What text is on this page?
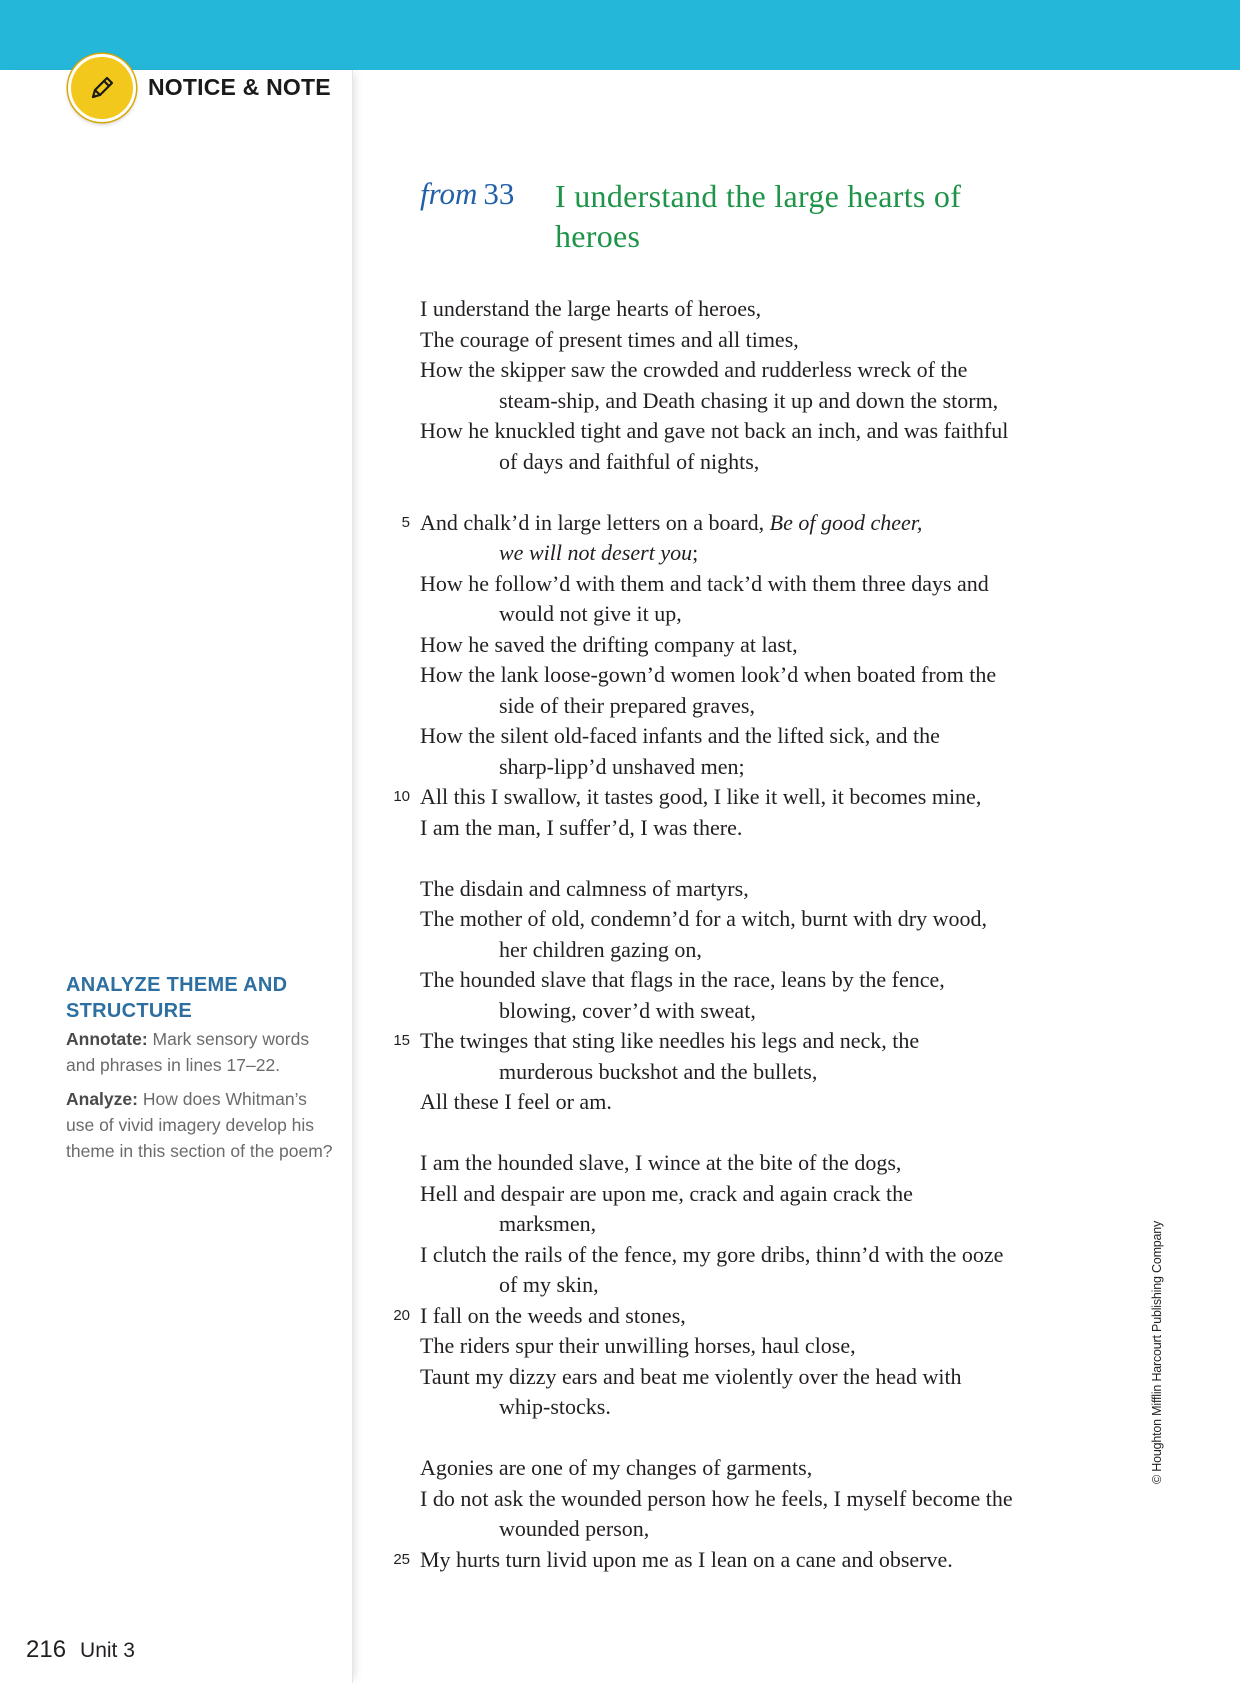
ANALYZE THEME AND STRUCTURE
Annotate: Mark sensory words and phrases in lines 17–22.
Analyze: How does Whitman’s use of vivid imagery develop his theme in this section of the poem?
NOTICE & NOTE
from 33 I understand the large hearts of heroes
I understand the large hearts of heroes,
The courage of present times and all times,
How the skipper saw the crowded and rudderless wreck of the
steam-ship, and Death chasing it up and down the storm,
How he knuckled tight and gave not back an inch, and was faithful
of days and faithful of nights,
5 And chalk’d in large letters on a board, Be of good cheer,
we will not desert you;
How he follow’d with them and tack’d with them three days and
would not give it up,
How he saved the drifting company at last,
How the lank loose-gown’d women look’d when boated from the
side of their prepared graves,
How the silent old-faced infants and the lifted sick, and the
sharp-lipp’d unshaved men;
10 All this I swallow, it tastes good, I like it well, it becomes mine,
I am the man, I suffer’d, I was there.
The disdain and calmness of martyrs,
The mother of old, condemn’d for a witch, burnt with dry wood,
her children gazing on,
The hounded slave that flags in the race, leans by the fence,
blowing, cover’d with sweat,
15 The twinges that sting like needles his legs and neck, the
murderous buckshot and the bullets,
All these I feel or am.
I am the hounded slave, I wince at the bite of the dogs,
Hell and despair are upon me, crack and again crack the
marksmen,
I clutch the rails of the fence, my gore dribs, thinn’d with the ooze
of my skin,
20 I fall on the weeds and stones,
The riders spur their unwilling horses, haul close,
Taunt my dizzy ears and beat me violently over the head with
whip-stocks.
Agonies are one of my changes of garments,
I do not ask the wounded person how he feels, I myself become the
wounded person,
25 My hurts turn livid upon me as I lean on a cane and observe.
© Houghton Mifflin Harcourt Publishing Company
216 Unit 3
